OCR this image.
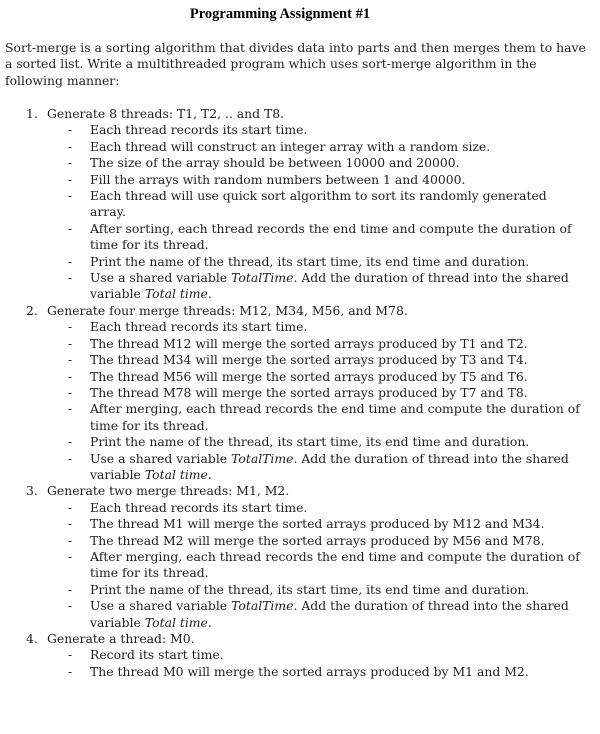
Programming Assignment #1
Sort-merge is a sorting algorithm that divides data into parts and then merges them to have
a sorted list. Write a multithreaded program which uses sort-merge algorithm in the
following manner:
1. Generate 8 threads: T1, T2, .. and T8.
- Each thread records its start time.
- Each thread will construct an integer array with a random size.
- The size of the array should be between 10000 and 20000.
- Fill the arrays with random numbers between 1 and 40000.
- Each thread will use quick sort algorithm to sort its randomly generated
array.
- After sorting, each thread records the end time and compute the duration of
time for its thread.
- Print the name of the thread, its start time, its end time and duration.
- Use a shared variable TotalTime. Add the duration of thread into the shared
variable Total time.
2. Generate four merge threads: M12, M34, M56, and M78.
- Each thread records its start time.
- The thread M12 will merge the sorted arrays produced by T1 and T2.
- The thread M34 will merge the sorted arrays produced by T3 and T4.
- The thread M56 will merge the sorted arrays produced by T5 and T6.
- The thread M78 will merge the sorted arrays produced by T7 and T8.
- After merging, each thread records the end time and compute the duration of
time for its thread.
- Print the name of the thread, its start time, its end time and duration.
- Use a shared variable TotalTime. Add the duration of thread into the shared
variable Total time.
3. Generate two merge threads: M1, M2.
- Each thread records its start time.
- The thread M1 will merge the sorted arrays produced by M12 and M34.
- The thread M2 will merge the sorted arrays produced by M56 and M78.
- After merging, each thread records the end time and compute the duration of
time for its thread.
- Print the name of the thread, its start time, its end time and duration.
- Use a shared variable TotalTime. Add the duration of thread into the shared
variable Total time.
4. Generate a thread: M0.
- Record its start time.
- The thread M0 will merge the sorted arrays produced by M1 and M2.
